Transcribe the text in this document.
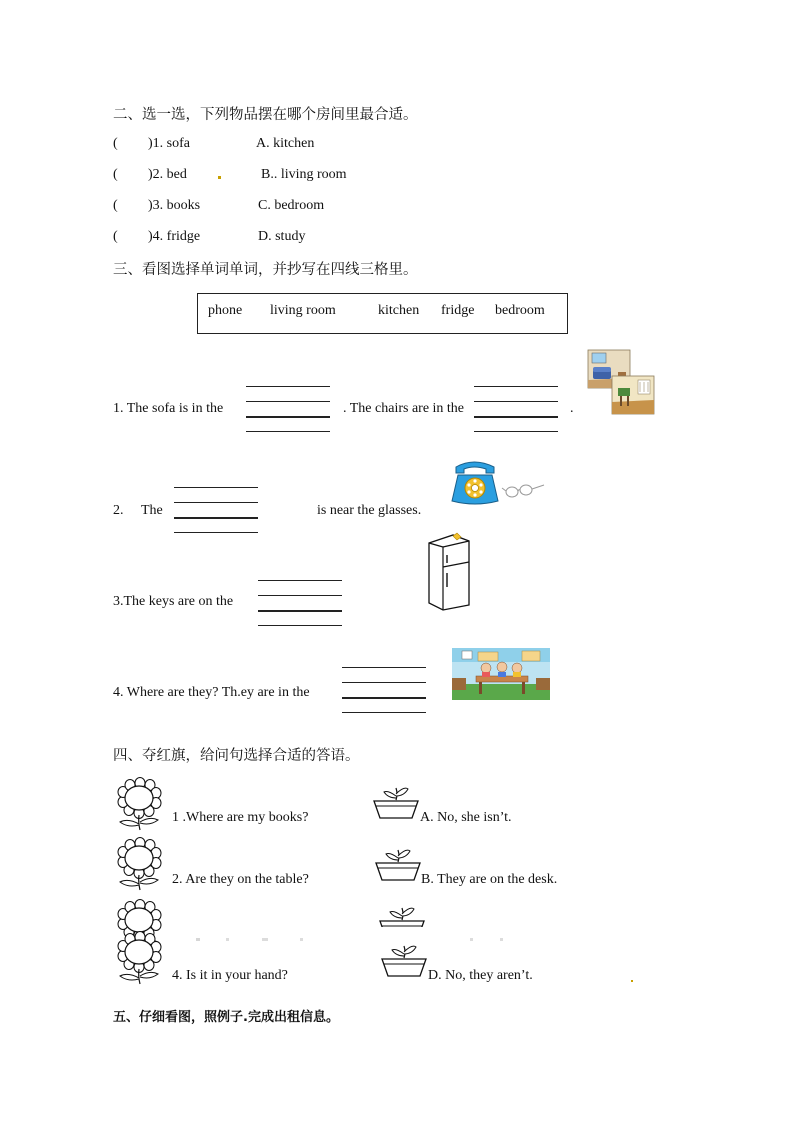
二、选一选，下列物品摆在哪个房间里最合适。
( )1. sofa	A. kitchen
( )2. bed	B.. living room
( )3. books	C. bedroom
( )4. fridge	D. study
三、看图选择单词单词，并抄写在四线三格里。
phone living room	kitchen fridge bedroom
1. The sofa is in the	. The chairs are in the	.
2. The	is near the glasses.
3.The keys are on the
4. Where are they? Th.ey are in the
四、夺红旗，给问句选择合适的答语。
1 .Where are my books?	A. No, she isn’t.
2. Are they on the table?	B. They are on the desk.
4. Is it in your hand?	D. No, they aren’t.
五、仔细看图，照例子.完成出租信息。
